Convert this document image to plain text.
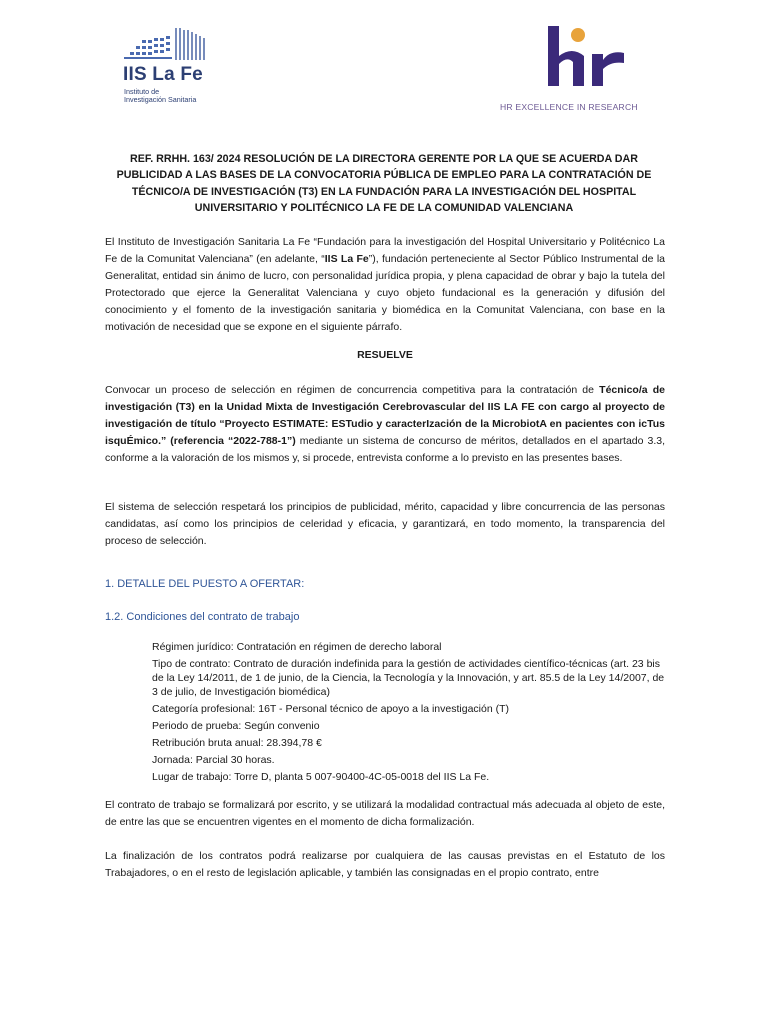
IIS La Fe
Instituto de
Investigación Sanitaria
HR EXCELLENCE IN RESEARCH
REF. RRHH. 163/ 2024 RESOLUCIÓN DE LA DIRECTORA GERENTE POR LA QUE SE ACUERDA DAR PUBLICIDAD A LAS BASES DE LA CONVOCATORIA PÚBLICA DE EMPLEO PARA LA CONTRATACIÓN DE TÉCNICO/A DE INVESTIGACIÓN (T3) EN LA FUNDACIÓN PARA LA INVESTIGACIÓN DEL HOSPITAL UNIVERSITARIO Y POLITÉCNICO LA FE DE LA COMUNIDAD VALENCIANA

El Instituto de Investigación Sanitaria La Fe “Fundación para la investigación del Hospital Universitario y Politécnico La Fe de la Comunitat Valenciana” (en adelante, “IIS La Fe”), fundación perteneciente al Sector Público Instrumental de la Generalitat, entidad sin ánimo de lucro, con personalidad jurídica propia, y plena capacidad de obrar y bajo la tutela del Protectorado que ejerce la Generalitat Valenciana y cuyo objeto fundacional es la generación y difusión del conocimiento y el fomento de la investigación sanitaria y biomédica en la Comunitat Valenciana, con base en la motivación de necesidad que se expone en el siguiente párrafo.

RESUELVE

Convocar un proceso de selección en régimen de concurrencia competitiva para la contratación de Técnico/a de investigación (T3) en la Unidad Mixta de Investigación Cerebrovascular del IIS LA FE con cargo al proyecto de investigación de título “Proyecto ESTIMATE: ESTudio y caracterIzación de la MicrobiotA en pacientes con icTus isquÉmico.” (referencia “2022-788-1”) mediante un sistema de concurso de méritos, detallados en el apartado 3.3, conforme a la valoración de los mismos y, si procede, entrevista conforme a lo previsto en las presentes bases.

El sistema de selección respetará los principios de publicidad, mérito, capacidad y libre concurrencia de las personas candidatas, así como los principios de celeridad y eficacia, y garantizará, en todo momento, la transparencia del proceso de selección.

1. DETALLE DEL PUESTO A OFERTAR:
1.2. Condiciones del contrato de trabajo
Régimen jurídico: Contratación en régimen de derecho laboral
Tipo de contrato: Contrato de duración indefinida para la gestión de actividades científico-técnicas (art. 23 bis de la Ley 14/2011, de 1 de junio, de la Ciencia, la Tecnología y la Innovación, y art. 85.5 de la Ley 14/2007, de 3 de julio, de Investigación biomédica)
Categoría profesional: 16T - Personal técnico de apoyo a la investigación (T)
Periodo de prueba: Según convenio
Retribución bruta anual: 28.394,78 €
Jornada: Parcial 30 horas.
Lugar de trabajo: Torre D, planta 5 007-90400-4C-05-0018 del IIS La Fe.

El contrato de trabajo se formalizará por escrito, y se utilizará la modalidad contractual más adecuada al objeto de este, de entre las que se encuentren vigentes en el momento de dicha formalización.

La finalización de los contratos podrá realizarse por cualquiera de las causas previstas en el Estatuto de los Trabajadores, o en el resto de legislación aplicable, y también las consignadas en el propio contrato, entre
